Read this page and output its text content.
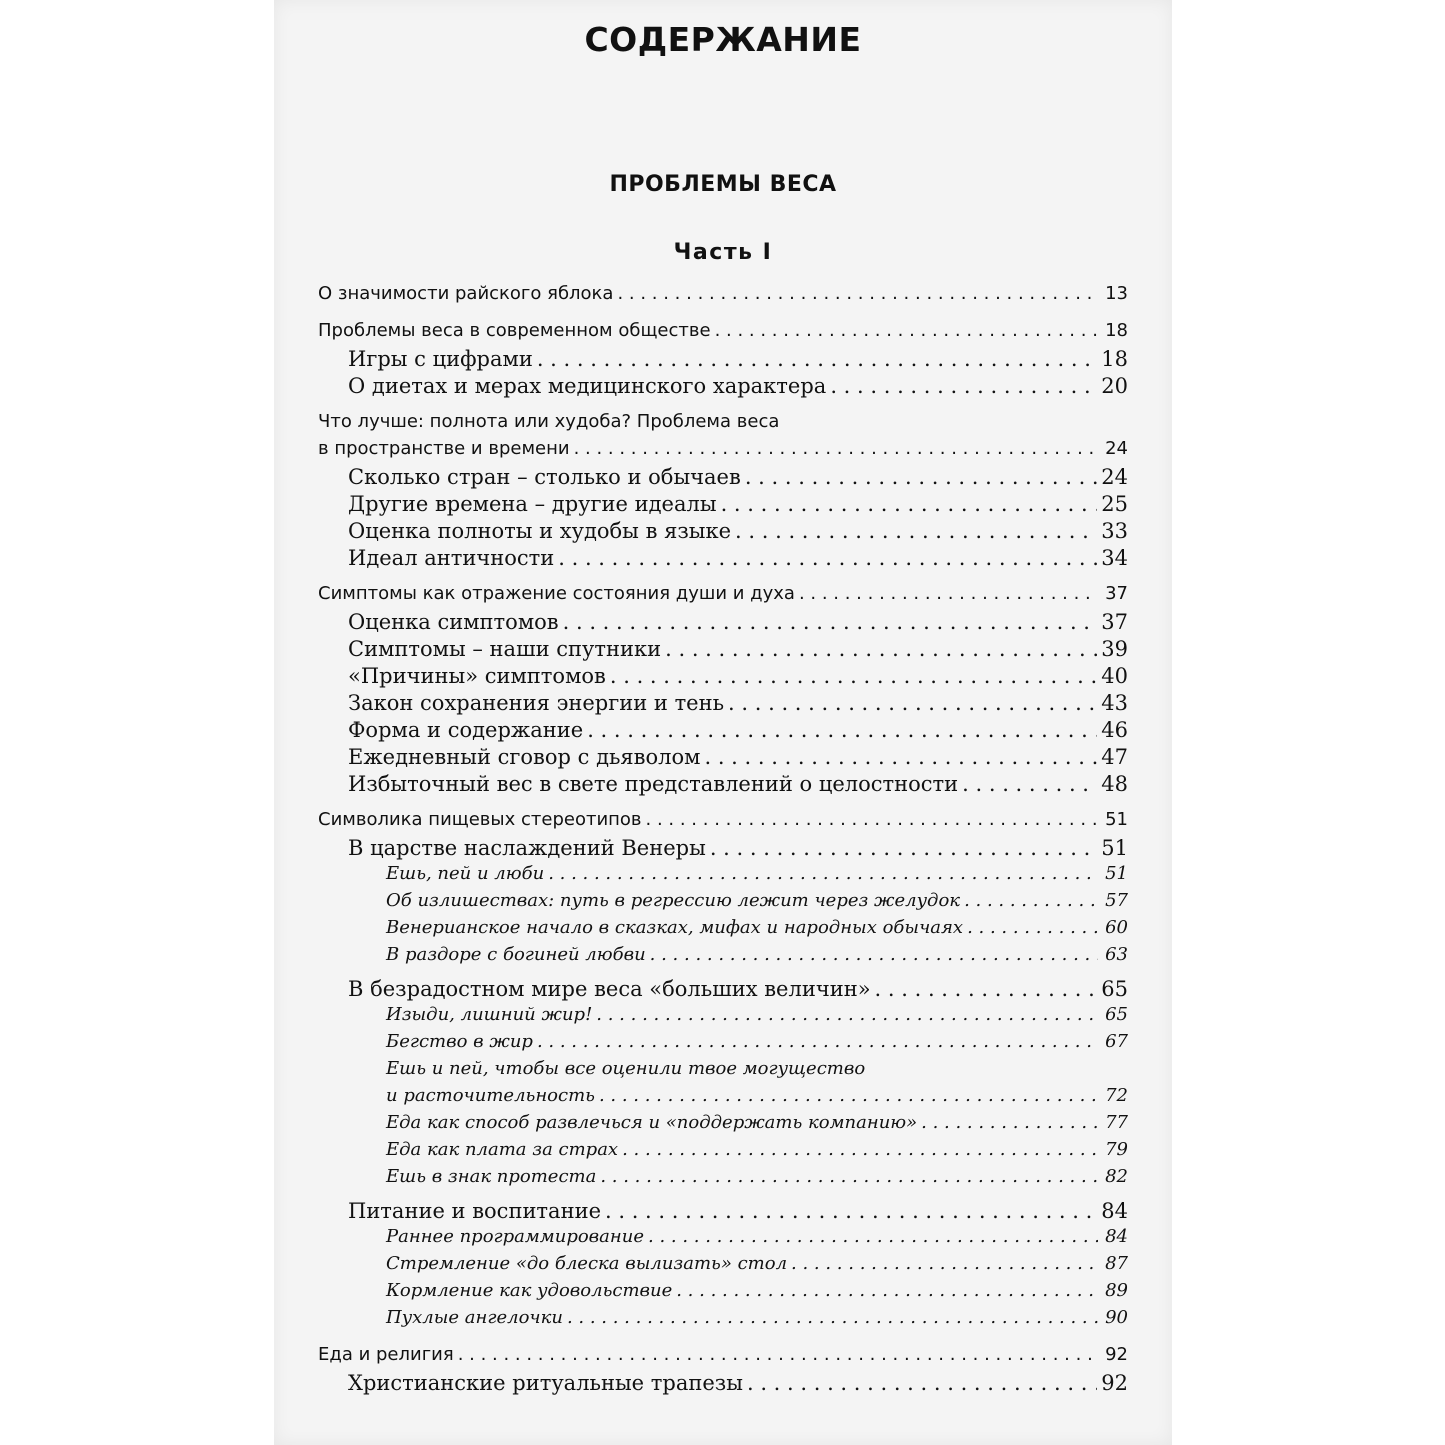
СОДЕРЖАНИЕ
ПРОБЛЕМЫ ВЕСА
Часть I
О значимости райского яблока . . .	13
Проблемы веса в современном обществе . . .	18
Игры с цифрами . . .	18
О диетах и мерах медицинского характера . . .	20
Что лучше: полнота или худоба? Проблема веса
в пространстве и времени . . .	24
Сколько стран – столько и обычаев . . .	24
Другие времена – другие идеалы . . .	25
Оценка полноты и худобы в языке . . .	33
Идеал античности . . .	34
Симптомы как отражение состояния души и духа . . .	37
Оценка симптомов . . .	37
Симптомы – наши спутники . . .	39
«Причины» симптомов . . .	40
Закон сохранения энергии и тень . . .	43
Форма и содержание . . .	46
Ежедневный сговор с дьяволом . . .	47
Избыточный вес в свете представлений о целостности . . .	48
Символика пищевых стереотипов . . .	51
В царстве наслаждений Венеры . . .	51
Ешь, пей и люби . . .	51
Об излишествах: путь в регрессию лежит через желудок . . .	57
Венерианское начало в сказках, мифах и народных обычаях . . .	60
В раздоре с богиней любви . . .	63
В безрадостном мире веса «больших величин» . . .	65
Изыди, лишний жир! . . .	65
Бегство в жир . . .	67
Ешь и пей, чтобы все оценили твое могущество
и расточительность . . .	72
Еда как способ развлечься и «поддержать компанию» . . .	77
Еда как плата за страх . . .	79
Ешь в знак протеста . . .	82
Питание и воспитание . . .	84
Раннее программирование . . .	84
Стремление «до блеска вылизать» стол . . .	87
Кормление как удовольствие . . .	89
Пухлые ангелочки . . .	90
Еда и религия . . .	92
Христианские ритуальные трапезы . . .	92
